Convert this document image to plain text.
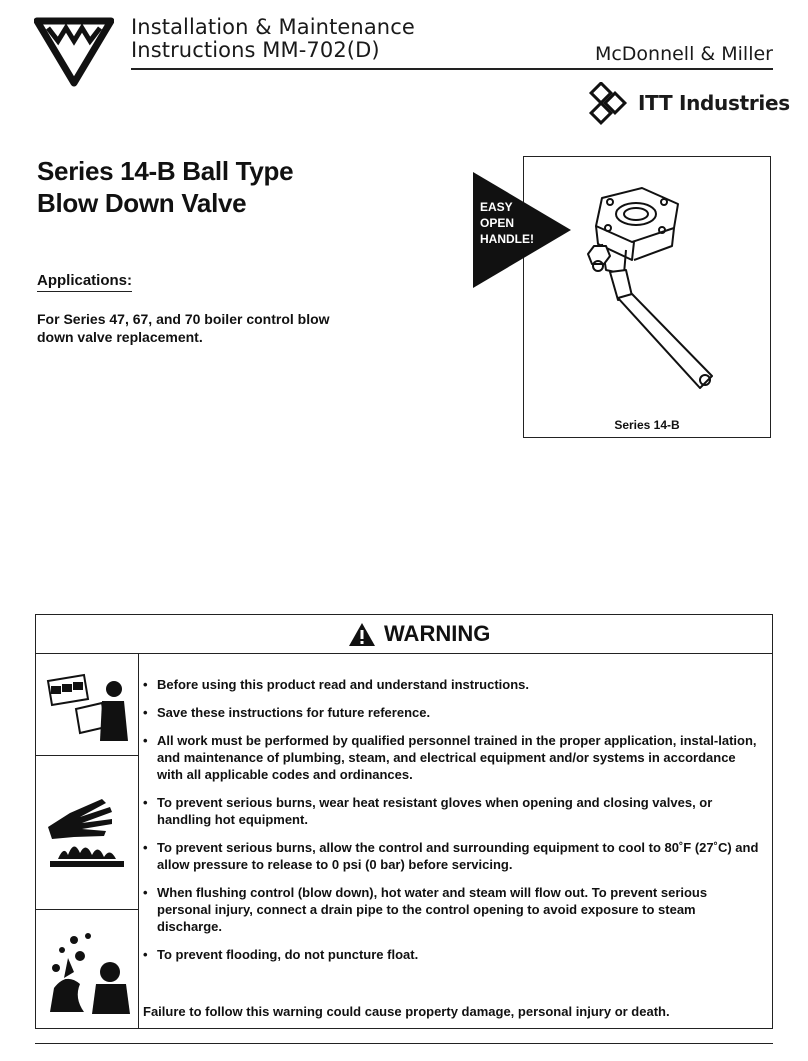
Installation & Maintenance
Instructions MM-702(D)	McDonnell & Miller
ITT Industries
Series 14-B Ball Type
Blow Down Valve
Applications:
For Series 47, 67, and 70 boiler control blow down valve replacement.
EASY
OPEN
HANDLE!
Series 14-B
WARNING
• Before using this product read and understand instructions.
• Save these instructions for future reference.
• All work must be performed by qualified personnel trained in the proper application, instal-lation, and maintenance of plumbing, steam, and electrical equipment and/or systems in accordance with all applicable codes and ordinances.
• To prevent serious burns, wear heat resistant gloves when opening and closing valves, or handling hot equipment.
• To prevent serious burns, allow the control and surrounding equipment to cool to 80˚F (27˚C) and allow pressure to release to 0 psi (0 bar) before servicing.
• When flushing control (blow down), hot water and steam will flow out. To prevent serious personal injury, connect a drain pipe to the control opening to avoid exposure to steam discharge.
• To prevent flooding, do not puncture float.
Failure to follow this warning could cause property damage, personal injury or death.
